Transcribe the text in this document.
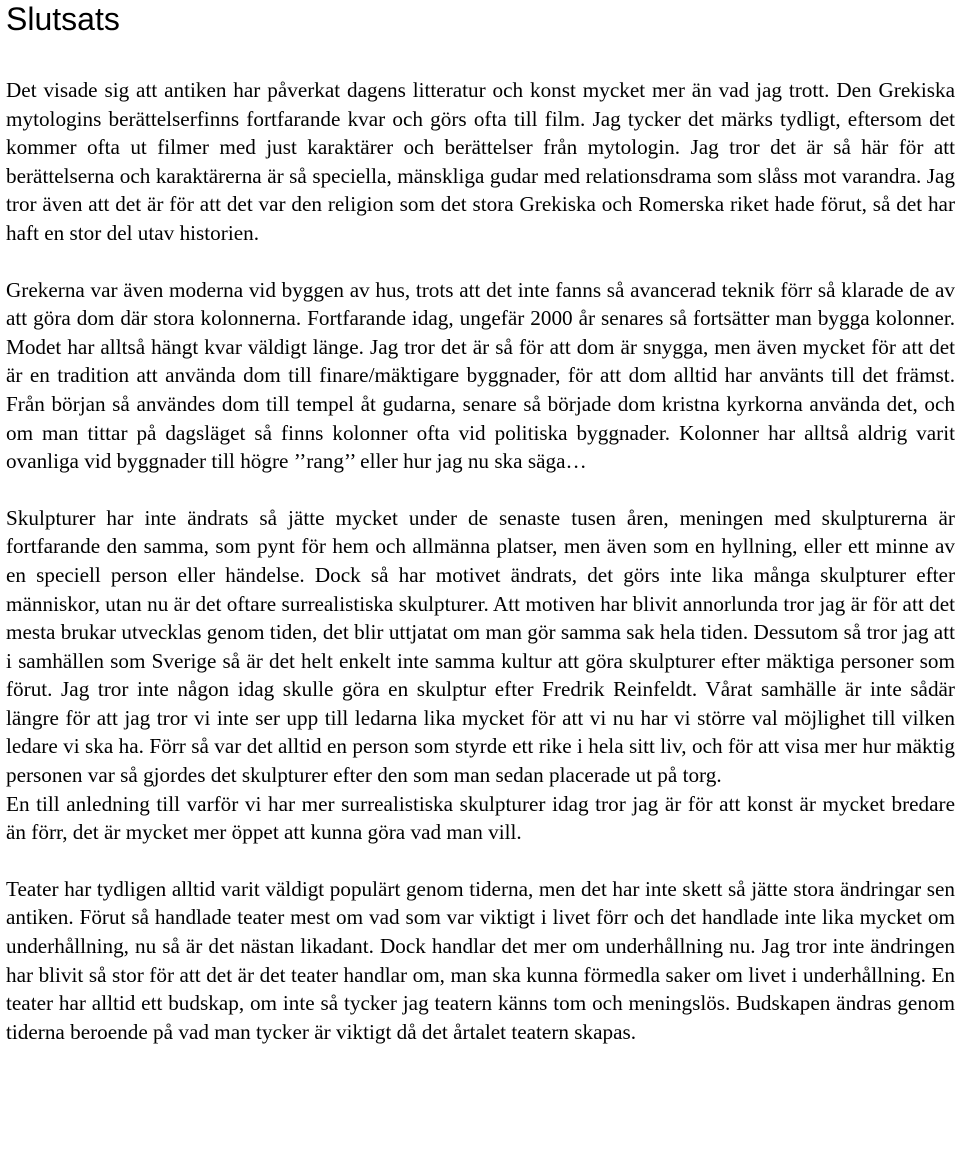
Slutsats

Det visade sig att antiken har påverkat dagens litteratur och konst mycket mer än vad jag trott. Den Grekiska mytologins berättelserfinns fortfarande kvar och görs ofta till film. Jag tycker det märks tydligt, eftersom det kommer ofta ut filmer med just karaktärer och berättelser från mytologin. Jag tror det är så här för att berättelserna och karaktärerna är så speciella, mänskliga gudar med relationsdrama som slåss mot varandra. Jag tror även att det är för att det var den religion som det stora Grekiska och Romerska riket hade förut, så det har haft en stor del utav historien.

Grekerna var även moderna vid byggen av hus, trots att det inte fanns så avancerad teknik förr så klarade de av att göra dom där stora kolonnerna. Fortfarande idag, ungefär 2000 år senares så fortsätter man bygga kolonner. Modet har alltså hängt kvar väldigt länge. Jag tror det är så för att dom är snygga, men även mycket för att det är en tradition att använda dom till finare/mäktigare byggnader, för att dom alltid har använts till det främst. Från början så användes dom till tempel åt gudarna, senare så började dom kristna kyrkorna använda det, och om man tittar på dagsläget så finns kolonner ofta vid politiska byggnader. Kolonner har alltså aldrig varit ovanliga vid byggnader till högre ’’rang’’ eller hur jag nu ska säga…

Skulpturer har inte ändrats så jätte mycket under de senaste tusen åren, meningen med skulpturerna är fortfarande den samma, som pynt för hem och allmänna platser, men även som en hyllning, eller ett minne av en speciell person eller händelse. Dock så har motivet ändrats, det görs inte lika många skulpturer efter människor, utan nu är det oftare surrealistiska skulpturer. Att motiven har blivit annorlunda tror jag är för att det mesta brukar utvecklas genom tiden, det blir uttjatat om man gör samma sak hela tiden. Dessutom så tror jag att i samhällen som Sverige så är det helt enkelt inte samma kultur att göra skulpturer efter mäktiga personer som förut. Jag tror inte någon idag skulle göra en skulptur efter Fredrik Reinfeldt. Vårat samhälle är inte sådär längre för att jag tror vi inte ser upp till ledarna lika mycket för att vi nu har vi större val möjlighet till vilken ledare vi ska ha. Förr så var det alltid en person som styrde ett rike i hela sitt liv, och för att visa mer hur mäktig personen var så gjordes det skulpturer efter den som man sedan placerade ut på torg.

En till anledning till varför vi har mer surrealistiska skulpturer idag tror jag är för att konst är mycket bredare än förr, det är mycket mer öppet att kunna göra vad man vill.

Teater har tydligen alltid varit väldigt populärt genom tiderna, men det har inte skett så jätte stora ändringar sen antiken. Förut så handlade teater mest om vad som var viktigt i livet förr och det handlade inte lika mycket om underhållning, nu så är det nästan likadant. Dock handlar det mer om underhållning nu. Jag tror inte ändringen har blivit så stor för att det är det teater handlar om, man ska kunna förmedla saker om livet i underhållning. En teater har alltid ett budskap, om inte så tycker jag teatern känns tom och meningslös. Budskapen ändras genom tiderna beroende på vad man tycker är viktigt då det årtalet teatern skapas.
